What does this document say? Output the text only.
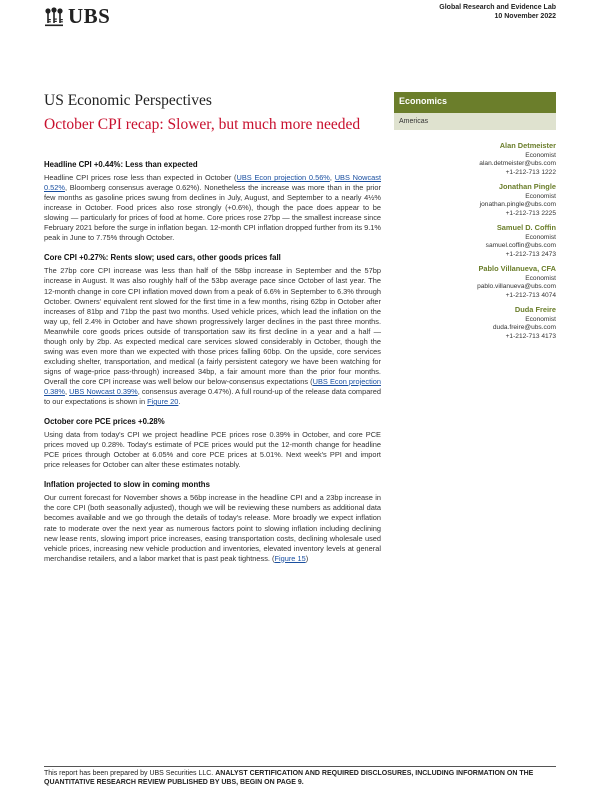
UBS	Global Research and Evidence Lab
10 November 2022
US Economic Perspectives
October CPI recap: Slower, but much more needed
Headline CPI +0.44%: Less than expected

Headline CPI prices rose less than expected in October (UBS Econ projection 0.56%, UBS Nowcast 0.52%, Bloomberg consensus average 0.62%). Nonetheless the increase was more than in the prior few months as gasoline prices swung from declines in July, August, and September to a nearly 4½% increase in October. Food prices also rose strongly (+0.6%), though the pace does appear to be slowing — particularly for prices of food at home. Core prices rose 27bp — the smallest increase since February 2021 before the surge in inflation began. 12-month CPI inflation dropped further from its 9.1% peak in June to 7.75% through October.

Core CPI +0.27%: Rents slow; used cars, other goods prices fall

The 27bp core CPI increase was less than half of the 58bp increase in September and the 57bp increase in August. It was also roughly half of the 53bp average pace since October of last year. The 12-month change in core CPI inflation moved down from a peak of 6.6% in September to 6.3% through October. Owners' equivalent rent slowed for the first time in a few months, rising 62bp in October after increases of 81bp and 71bp the past two months. Used vehicle prices, which lead the inflation on the way up, fell 2.4% in October and have shown progressively larger declines in the past three months. Meanwhile core goods prices outside of transportation saw its first decline in a year and a half — though only by 2bp. As expected medical care services slowed considerably in October, though the swing was even more than we expected with those prices falling 60bp. On the upside, core services excluding shelter, transportation, and medical (a fairly persistent category we have been watching for signs of wage-price pass-through) increased 34bp, a fair amount more than the prior four months. Overall the core CPI increase was well below our below-consensus expectations (UBS Econ projection 0.38%, UBS Nowcast 0.39%, consensus average 0.47%). A full round-up of the release data compared to our expectations is shown in Figure 20.

October core PCE prices +0.28%

Using data from today's CPI we project headline PCE prices rose 0.39% in October, and core PCE prices moved up 0.28%. Today's estimate of PCE prices would put the 12-month change for headline PCE prices through October at 6.05% and core PCE prices at 5.01%. Next week's PPI and import price releases for October can alter these estimates notably.

Inflation projected to slow in coming months

Our current forecast for November shows a 56bp increase in the headline CPI and a 23bp increase in the core CPI (both seasonally adjusted), though we will be reviewing these numbers as additional data becomes available and we go through the details of today's release. More broadly we expect inflation rate to moderate over the next year as numerous factors point to slowing inflation including declining new lease rents, slowing import price increases, easing transportation costs, declining wholesale used vehicle prices, increasing new vehicle production and inventories, elevated inventory levels at general merchandise retailers, and a labor market that is past peak tightness. (Figure 15)

Economics
Americas
Alan Detmeister
Economist
alan.detmeister@ubs.com
+1-212-713 1222
Jonathan Pingle
Economist
jonathan.pingle@ubs.com
+1-212-713 2225
Samuel D. Coffin
Economist
samuel.coffin@ubs.com
+1-212-713 2473
Pablo Villanueva, CFA
Economist
pablo.villanueva@ubs.com
+1-212-713 4074
Duda Freire
Economist
duda.freire@ubs.com
+1-212-713 4173
This report has been prepared by UBS Securities LLC. ANALYST CERTIFICATION AND REQUIRED DISCLOSURES, INCLUDING INFORMATION ON THE QUANTITATIVE RESEARCH REVIEW PUBLISHED BY UBS, BEGIN ON PAGE 9.
